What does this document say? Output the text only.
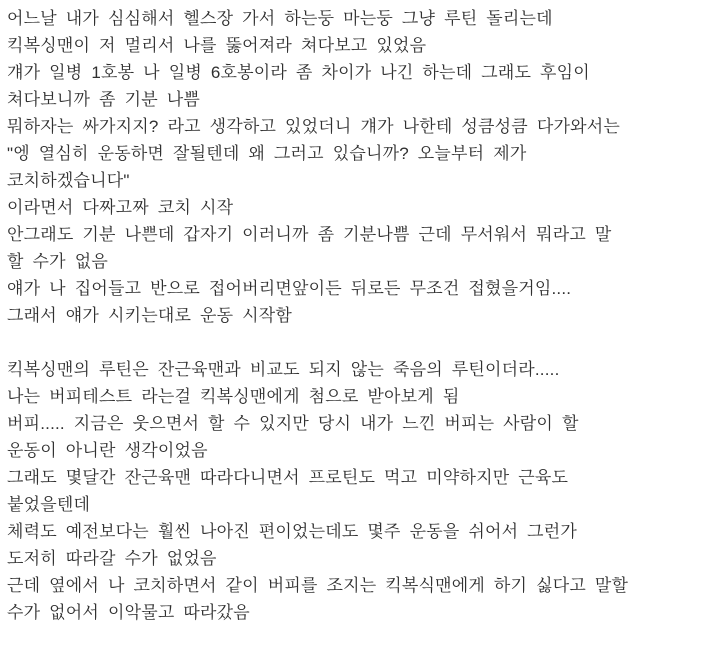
어느날 내가 심심해서 헬스장 가서 하는둥 마는둥 그냥 루틴 돌리는데
킥복싱맨이 저 멀리서 나를 뚫어져라 쳐다보고 있었음
걔가 일병 1호봉 나 일병 6호봉이라 좀 차이가 나긴 하는데 그래도 후임이
쳐다보니까 좀 기분 나쁨
뭐하자는 싸가지지? 라고 생각하고 있었더니 걔가 나한테 성큼성큼 다가와서는
"엥 열심히 운동하면 잘될텐데 왜 그러고 있습니까? 오늘부터 제가
코치하겠습니다"
이라면서 다짜고짜 코치 시작
안그래도 기분 나쁜데 갑자기 이러니까 좀 기분나쁨 근데 무서워서 뭐라고 말
할 수가 없음
얘가 나 집어들고 반으로 접어버리면앞이든 뒤로든 무조건 접혔을거임....
그래서 얘가 시키는대로 운동 시작함
킥복싱맨의 루틴은 잔근육맨과 비교도 되지 않는 죽음의 루틴이더라.....
나는 버피테스트 라는걸 킥복싱맨에게 첨으로 받아보게 됨
버피..... 지금은 웃으면서 할 수 있지만 당시 내가 느낀 버피는 사람이 할
운동이 아니란 생각이었음
그래도 몇달간 잔근육맨 따라다니면서 프로틴도 먹고 미약하지만 근육도
붙었을텐데
체력도 예전보다는 훨씬 나아진 편이었는데도 몇주 운동을 쉬어서 그런가
도저히 따라갈 수가 없었음
근데 옆에서 나 코치하면서 같이 버피를 조지는 킥복식맨에게 하기 싫다고 말할
수가 없어서 이악물고 따라갔음
